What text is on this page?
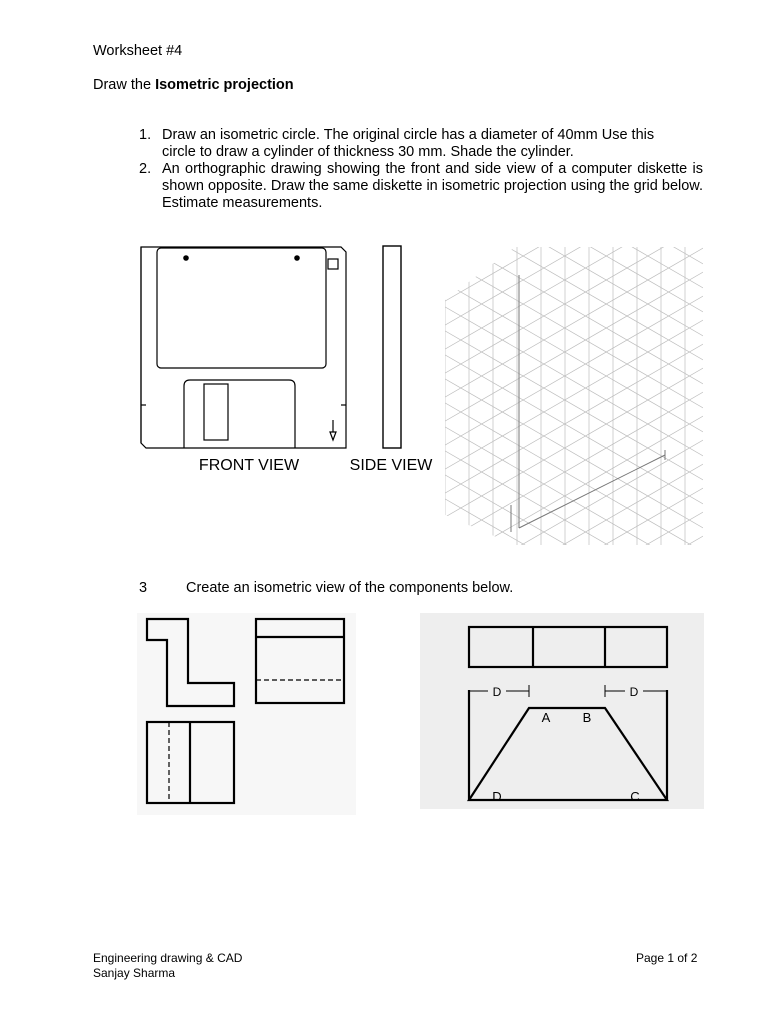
Worksheet #4
Draw the Isometric projection
1. Draw an isometric circle. The original circle has a diameter of 40mm Use this
circle to draw a cylinder of thickness 30 mm. Shade the cylinder.
2. An orthographic drawing showing the front and side view of a computer diskette is shown opposite. Draw the same diskette in isometric projection using the grid below. Estimate measurements.
FRONT VIEW	SIDE VIEW
3	Create an isometric view of the components below.
D	D
A B
D	C
Engineering drawing & CAD
Sanjay Sharma
Page 1 of 2
